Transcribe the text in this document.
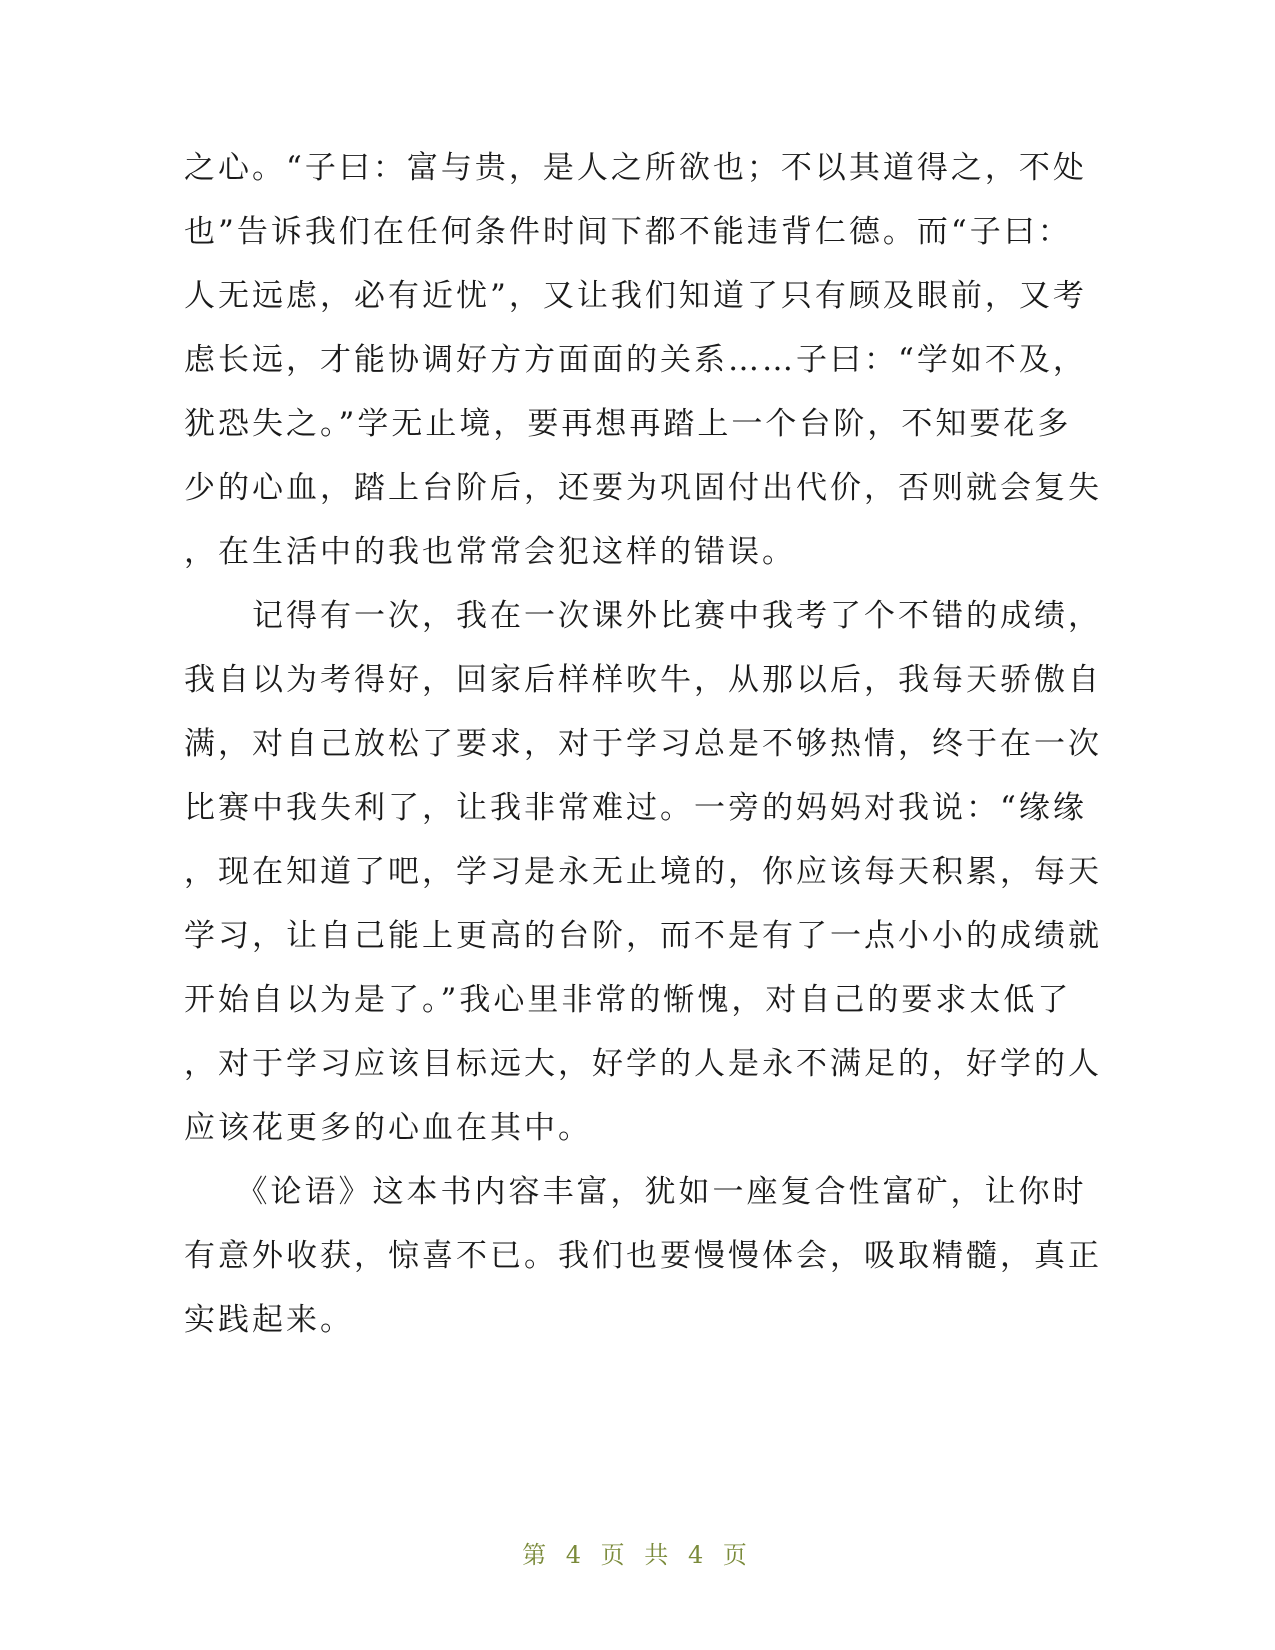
之心。“子曰：富与贵，是人之所欲也；不以其道得之，不处
也”告诉我们在任何条件时间下都不能违背仁德。而“子曰：
人无远虑，必有近忧”，又让我们知道了只有顾及眼前，又考
虑长远，才能协调好方方面面的关系……子曰：“学如不及，
犹恐失之。”学无止境，要再想再踏上一个台阶，不知要花多
少的心血，踏上台阶后，还要为巩固付出代价，否则就会复失
，在生活中的我也常常会犯这样的错误。
　　记得有一次，我在一次课外比赛中我考了个不错的成绩，
我自以为考得好，回家后样样吹牛，从那以后，我每天骄傲自
满，对自己放松了要求，对于学习总是不够热情，终于在一次
比赛中我失利了，让我非常难过。一旁的妈妈对我说：“缘缘
，现在知道了吧，学习是永无止境的，你应该每天积累，每天
学习，让自己能上更高的台阶，而不是有了一点小小的成绩就
开始自以为是了。”我心里非常的惭愧，对自己的要求太低了
，对于学习应该目标远大，好学的人是永不满足的，好学的人
应该花更多的心血在其中。
　　《论语》这本书内容丰富，犹如一座复合性富矿，让你时
有意外收获，惊喜不已。我们也要慢慢体会，吸取精髓，真正
实践起来。
第 4 页 共 4 页
